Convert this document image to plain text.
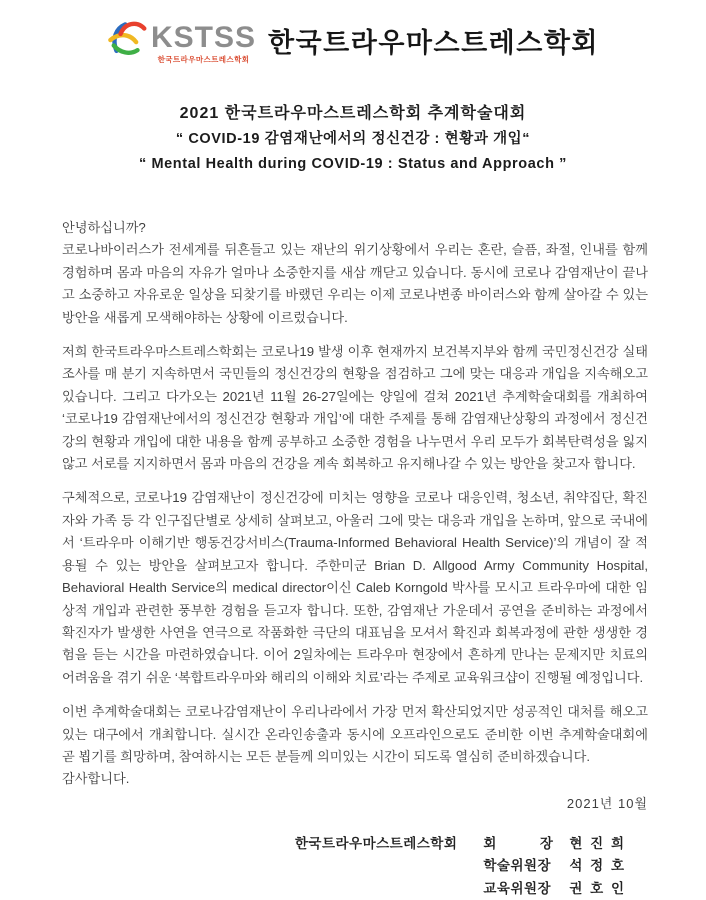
KSTSS
한국트라우마스트레스학회
한국트라우마스트레스학회
2021 한국트라우마스트레스학회 추계학술대회
“ COVID-19 감염재난에서의 정신건강 : 현황과 개입“
“ Mental Health during COVID-19 : Status and Approach ”

안녕하십니까?

코로나바이러스가 전세계를 뒤흔들고 있는 재난의 위기상황에서 우리는 혼란, 슬픔, 좌절, 인내를 함께 경험하며 몸과 마음의 자유가 얼마나 소중한지를 새삼 깨닫고 있습니다. 동시에 코로나 감염재난이 끝나고 소중하고 자유로운 일상을 되찾기를 바랬던 우리는 이제 코로나변종 바이러스와 함께 살아갈 수 있는 방안을 새롭게 모색해야하는 상황에 이르렀습니다.

저희 한국트라우마스트레스학회는 코로나19 발생 이후 현재까지 보건복지부와 함께 국민정신건강 실태조사를 매 분기 지속하면서 국민들의 정신건강의 현황을 점검하고 그에 맞는 대응과 개입을 지속해오고 있습니다. 그리고 다가오는 2021년 11월 26-27일에는 양일에 걸쳐 2021년 추계학술대회를 개최하여 ‘코로나19 감염재난에서의 정신건강 현황과 개입’에 대한 주제를 통해 감염재난상황의 과정에서 정신건강의 현황과 개입에 대한 내용을 함께 공부하고 소중한 경험을 나누면서 우리 모두가 회복탄력성을 잃지 않고 서로를 지지하면서 몸과 마음의 건강을 계속 회복하고 유지해나갈 수 있는 방안을 찾고자 합니다.

구체적으로, 코로나19 감염재난이 정신건강에 미치는 영향을 코로나 대응인력, 청소년, 취약집단, 확진자와 가족 등 각 인구집단별로 상세히 살펴보고, 아울러 그에 맞는 대응과 개입을 논하며, 앞으로 국내에서 ‘트라우마 이해기반 행동건강서비스(Trauma-Informed Behavioral Health Service)’의 개념이 잘 적용될 수 있는 방안을 살펴보고자 합니다. 주한미군 Brian D. Allgood Army Community Hospital, Behavioral Health Service의 medical director이신 Caleb Korngold 박사를 모시고 트라우마에 대한 임상적 개입과 관련한 풍부한 경험을 듣고자 합니다. 또한, 감염재난 가운데서 공연을 준비하는 과정에서 확진자가 발생한 사연을 연극으로 작품화한 극단의 대표님을 모셔서 확진과 회복과정에 관한 생생한 경험을 듣는 시간을 마련하였습니다. 이어 2일차에는 트라우마 현장에서 흔하게 만나는 문제지만 치료의 어려움을 겪기 쉬운 ‘복합트라우마와 해리의 이해와 치료’라는 주제로 교육워크샵이 진행될 예정입니다.

이번 추계학술대회는 코로나감염재난이 우리나라에서 가장 먼저 확산되었지만 성공적인 대처를 해오고있는 대구에서 개최합니다. 실시간 온라인송출과 동시에 오프라인으로도 준비한 이번 추계학술대회에 곧 뵙기를 희망하며, 참여하시는 모든 분들께 의미있는 시간이 되도록 열심히 준비하겠습니다.

감사합니다.

2021년 10월
한국트라우마스트레스학회 회 장 현 진 희
학술위원장 석 정 호
교육위원장 권 호 인
